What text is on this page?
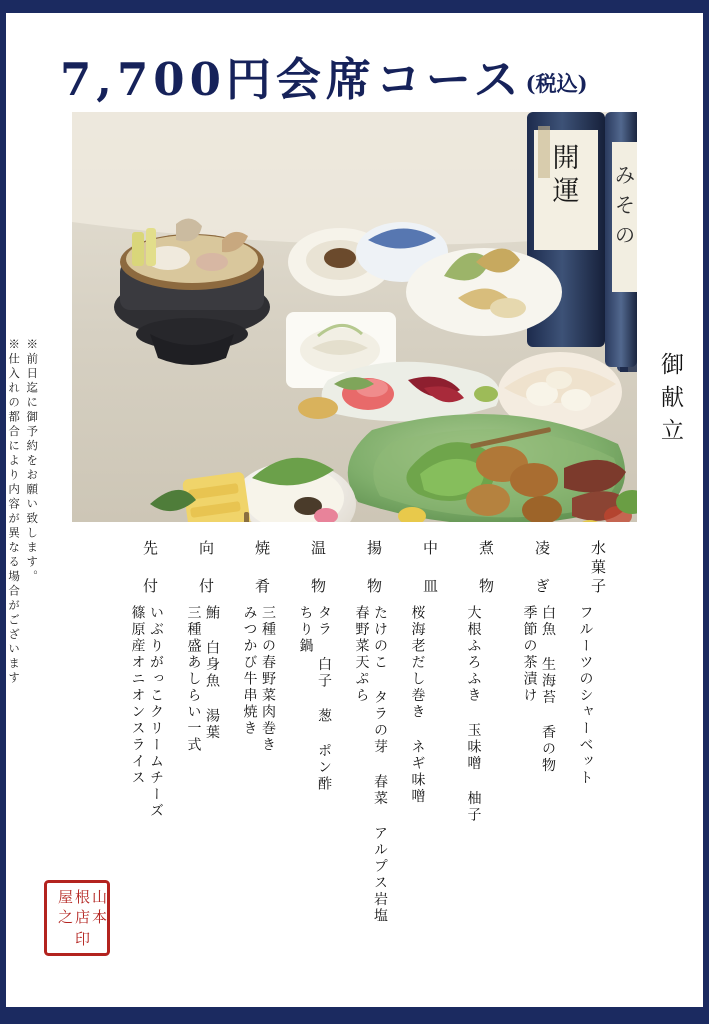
7,700円会席コース (税込)
開
運
み
そ
の
御献立
※前日迄に御予約をお願い致します。
※仕入れの都合により内容が異なる場合がございます	先　付
篠原産オニオンスライス いぶりがっこクリームチーズ
向　付
三種盛あしらい一式 鮪 白身魚 湯葉
焼　肴
みつかび牛串焼き 三種の春野菜肉巻き
温　物
ちり鍋 タラ 白子 葱 ポン酢
揚　物
春野菜天ぷら たけのこ タラの芽 春菜 アルプス岩塩
中　皿
桜海老だし巻き ネギ味噌
煮　物
大根ふろふき 玉味噌 柚子
凌　ぎ
季節の茶漬け 白魚 生海苔 香の物
水菓子
フルーツのシャーベット
山
根
屋
本
店
之
印
